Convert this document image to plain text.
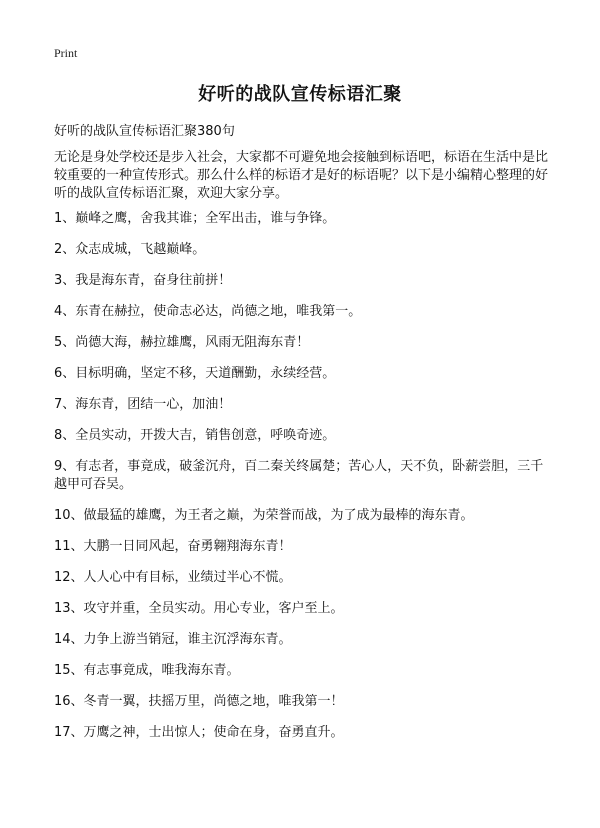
Print
好听的战队宣传标语汇聚

好听的战队宣传标语汇聚380句

无论是身处学校还是步入社会，大家都不可避免地会接触到标语吧，标语在生活中是比较重要的一种宣传形式。那么什么样的标语才是好的标语呢？以下是小编精心整理的好听的战队宣传标语汇聚，欢迎大家分享。

1、巅峰之鹰，舍我其谁；全军出击，谁与争锋。
2、众志成城，飞越巅峰。
3、我是海东青，奋身往前拼！
4、东青在赫拉，使命志必达，尚德之地，唯我第一。
5、尚德大海，赫拉雄鹰，风雨无阻海东青！
6、目标明确，坚定不移，天道酬勤，永续经营。
7、海东青，团结一心，加油！
8、全员实动，开拨大吉，销售创意，呼唤奇迹。
9、有志者，事竟成，破釜沉舟，百二秦关终属楚；苦心人，天不负，卧薪尝胆，三千越甲可吞吴。
10、做最猛的雄鹰，为王者之巅，为荣誉而战，为了成为最棒的海东青。
11、大鹏一日同风起，奋勇翱翔海东青！
12、人人心中有目标，业绩过半心不慌。
13、攻守并重，全员实动。用心专业，客户至上。
14、力争上游当销冠，谁主沉浮海东青。
15、有志事竟成，唯我海东青。
16、冬青一翼，扶摇万里，尚德之地，唯我第一！
17、万鹰之神，士出惊人；使命在身，奋勇直升。
